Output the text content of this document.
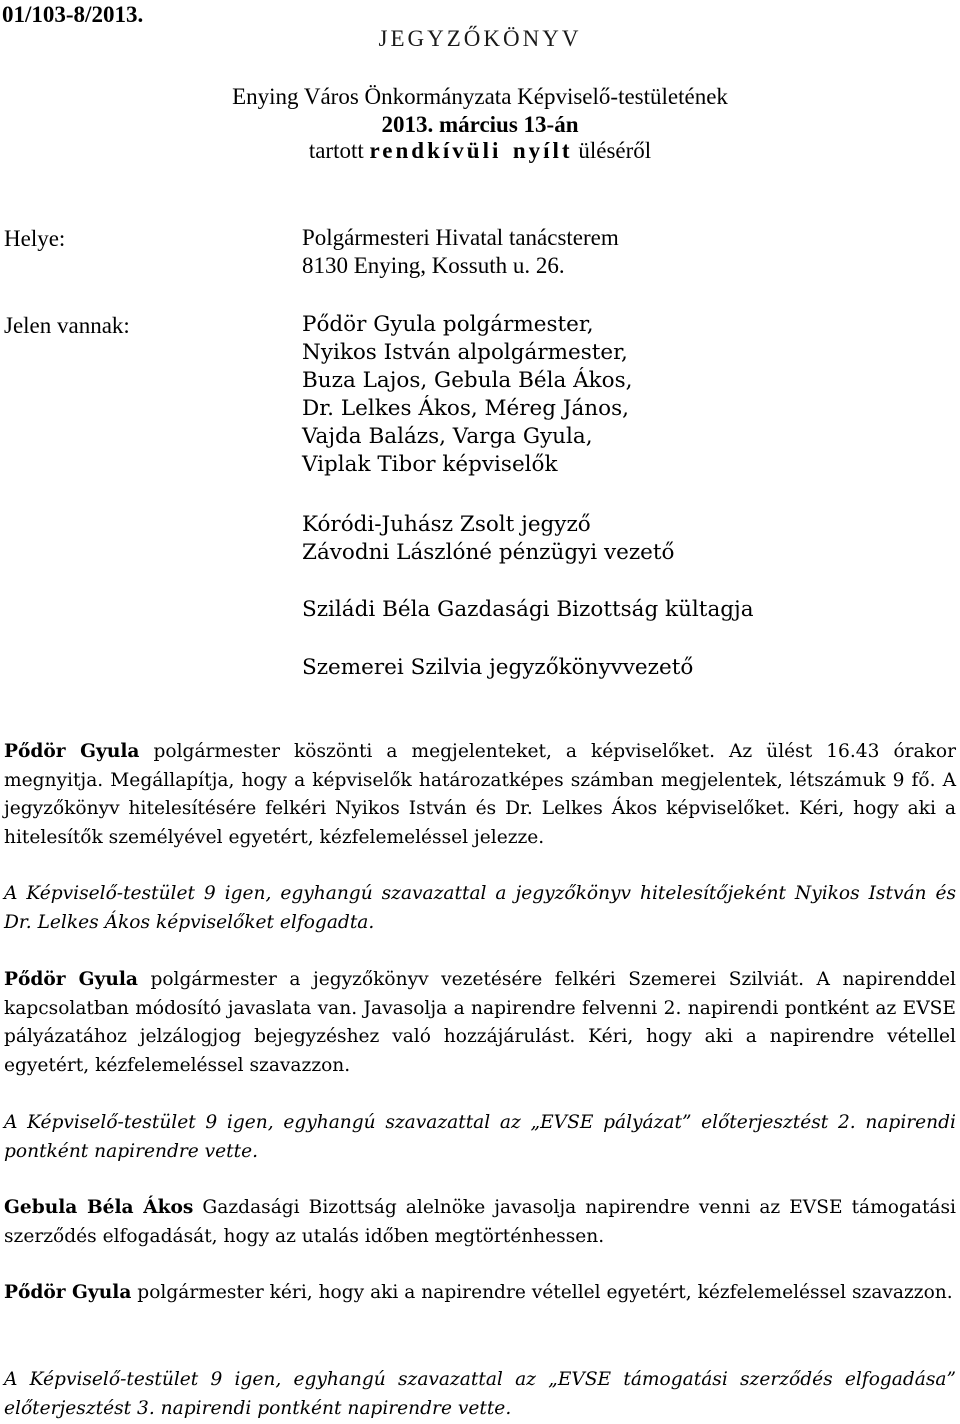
01/103-8/2013.
JEGYZŐKÖNYV
Enying Város Önkormányzata Képviselő-testületének
2013. március 13-án
tartott rendkívüli nyílt üléséről
Helye:	Polgármesteri Hivatal tanácsterem
8130 Enying, Kossuth u. 26.
Jelen vannak:	Pődör Gyula polgármester,
Nyikos István alpolgármester,
Buza Lajos, Gebula Béla Ákos,
Dr. Lelkes Ákos, Méreg János,
Vajda Balázs, Varga Gyula,
Viplak Tibor képviselők
Kóródi-Juhász Zsolt jegyző
Závodni Lászlóné pénzügyi vezető
Sziládi Béla Gazdasági Bizottság kültagja
Szemerei Szilvia jegyzőkönyvvezető

Pődör Gyula polgármester köszönti a megjelenteket, a képviselőket. Az ülést 16.43 órakor megnyitja. Megállapítja, hogy a képviselők határozatképes számban megjelentek, létszámuk 9 fő. A jegyzőkönyv hitelesítésére felkéri Nyikos István és Dr. Lelkes Ákos képviselőket. Kéri, hogy aki a hitelesítők személyével egyetért, kézfelemeléssel jelezze.

A Képviselő-testület 9 igen, egyhangú szavazattal a jegyzőkönyv hitelesítőjeként Nyikos István és Dr. Lelkes Ákos képviselőket elfogadta.

Pődör Gyula polgármester a jegyzőkönyv vezetésére felkéri Szemerei Szilviát. A napirenddel kapcsolatban módosító javaslata van. Javasolja a napirendre felvenni 2. napirendi pontként az EVSE pályázatához jelzálogjog bejegyzéshez való hozzájárulást. Kéri, hogy aki a napirendre vétellel egyetért, kézfelemeléssel szavazzon.

A Képviselő-testület 9 igen, egyhangú szavazattal az „EVSE pályázat” előterjesztést 2. napirendi pontként napirendre vette.

Gebula Béla Ákos Gazdasági Bizottság alelnöke javasolja napirendre venni az EVSE támogatási szerződés elfogadását, hogy az utalás időben megtörténhessen.

Pődör Gyula polgármester kéri, hogy aki a napirendre vétellel egyetért, kézfelemeléssel szavazzon.

A Képviselő-testület 9 igen, egyhangú szavazattal az „EVSE támogatási szerződés elfogadása” előterjesztést 3. napirendi pontként napirendre vette.
